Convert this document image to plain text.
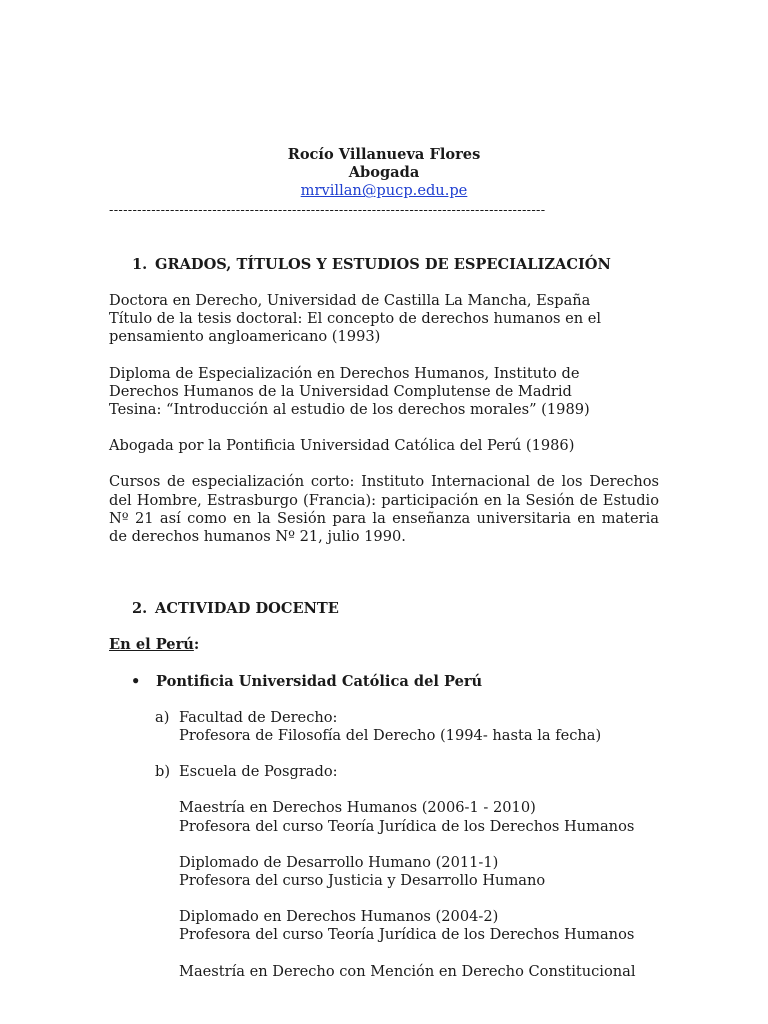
Rocío Villanueva Flores
Abogada
mrvillan@pucp.edu.pe
---------------------------------------------------------------------------------------------
1. GRADOS, TÍTULOS Y ESTUDIOS DE ESPECIALIZACIÓN

Doctora en Derecho, Universidad de Castilla La Mancha, España

Título de la tesis doctoral: El concepto de derechos humanos en el

pensamiento angloamericano (1993)

Diploma de Especialización en Derechos Humanos, Instituto de

Derechos Humanos de la Universidad Complutense de Madrid

Tesina: “Introducción al estudio de los derechos morales” (1989)

Abogada por la Pontificia Universidad Católica del Perú (1986)

Cursos de especialización corto: Instituto Internacional de los Derechos del Hombre, Estrasburgo (Francia): participación en la Sesión de Estudio Nº 21 así como en la Sesión para la enseñanza universitaria en materia de derechos humanos Nº 21, julio 1990.

2. ACTIVIDAD DOCENTE
En el Perú:
• Pontificia Universidad Católica del Perú
a) Facultad de Derecho:

Profesora de Filosofía del Derecho (1994- hasta la fecha)

b) Escuela de Posgrado:

Maestría en Derechos Humanos (2006-1 - 2010)

Profesora del curso Teoría Jurídica de los Derechos Humanos

Diplomado de Desarrollo Humano (2011-1)

Profesora del curso Justicia y Desarrollo Humano

Diplomado en Derechos Humanos (2004-2)

Profesora del curso Teoría Jurídica de los Derechos Humanos

Maestría en Derecho con Mención en Derecho Constitucional
